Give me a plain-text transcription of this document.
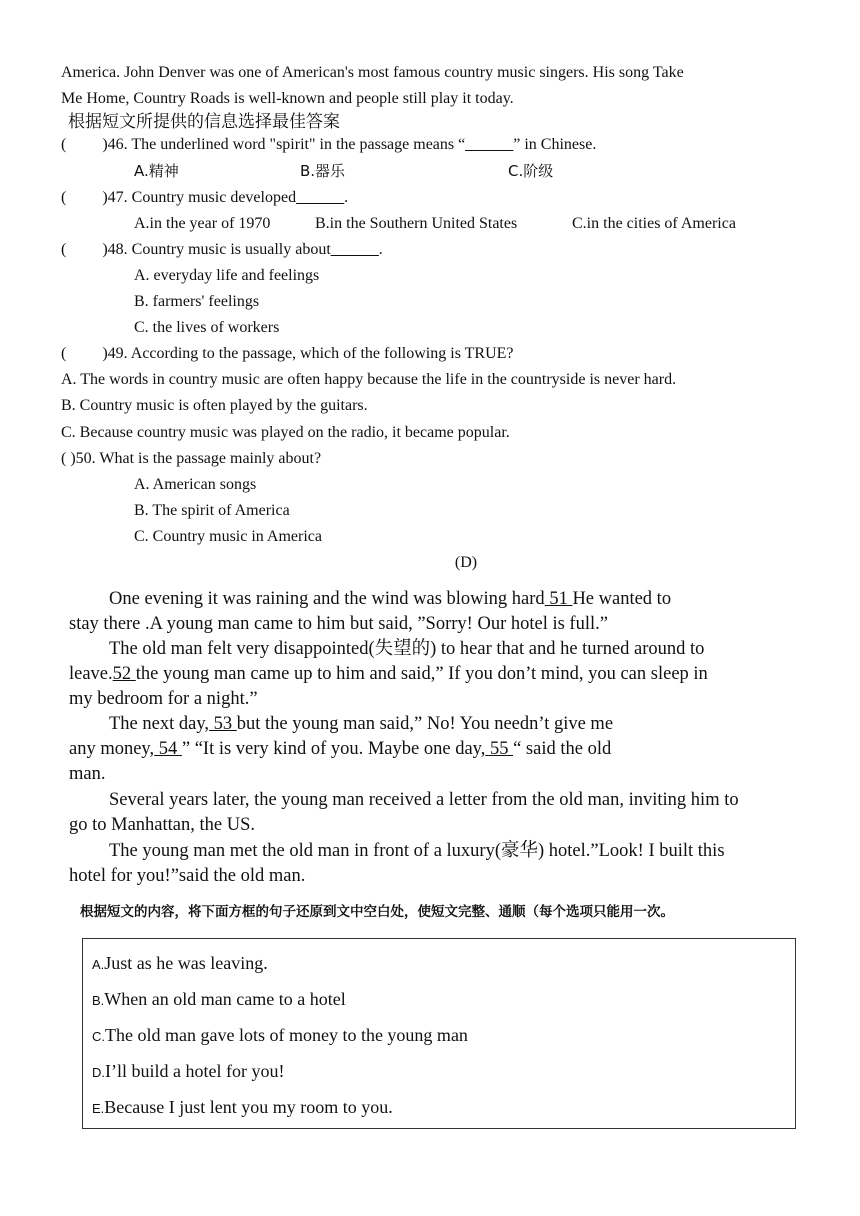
America. John Denver was one of American's most famous country music singers. His song Take
Me Home, Country Roads is well-known and people still play it today.
根据短文所提供的信息选择最佳答案
( )46. The underlined word "spirit" in the passage means “______” in Chinese.
A.精神	B.器乐	C.阶级
( )47. Country music developed______.
A.in the year of 1970	B.in the Southern United States	C.in the cities of America
( )48. Country music is usually about______.
A. everyday life and feelings
B. farmers' feelings
C. the lives of workers
( )49. According to the passage, which of the following is TRUE?
A. The words in country music are often happy because the life in the countryside is never hard.
B. Country music is often played by the guitars.
C. Because country music was played on the radio, it became popular.
( )50. What is the passage mainly about?
A. American songs
B. The spirit of America
C. Country music in America
(D)
One evening it was raining and the wind was blowing hard 51 He wanted to
stay there .A young man came to him but said, ”Sorry! Our hotel is full.”
The old man felt very disappointed(失望的) to hear that and he turned around to
leave.52 the young man came up to him and said,” If you don’t mind, you can sleep in
my bedroom for a night.”
The next day, 53 but the young man said,” No! You needn’t give me
any money, 54 ” “It is very kind of you. Maybe one day, 55 “ said the old
man.
Several years later, the young man received a letter from the old man, inviting him to
go to Manhattan, the US.
The young man met the old man in front of a luxury(豪华) hotel.”Look! I built this
hotel for you!”said the old man.
根据短文的内容，将下面方框的句子还原到文中空白处，使短文完整、通顺（每个选项只能用一次。
A.Just as he was leaving.
B.When an old man came to a hotel
C.The old man gave lots of money to the young man
D.I’ll build a hotel for you!
E.Because I just lent you my room to you.
